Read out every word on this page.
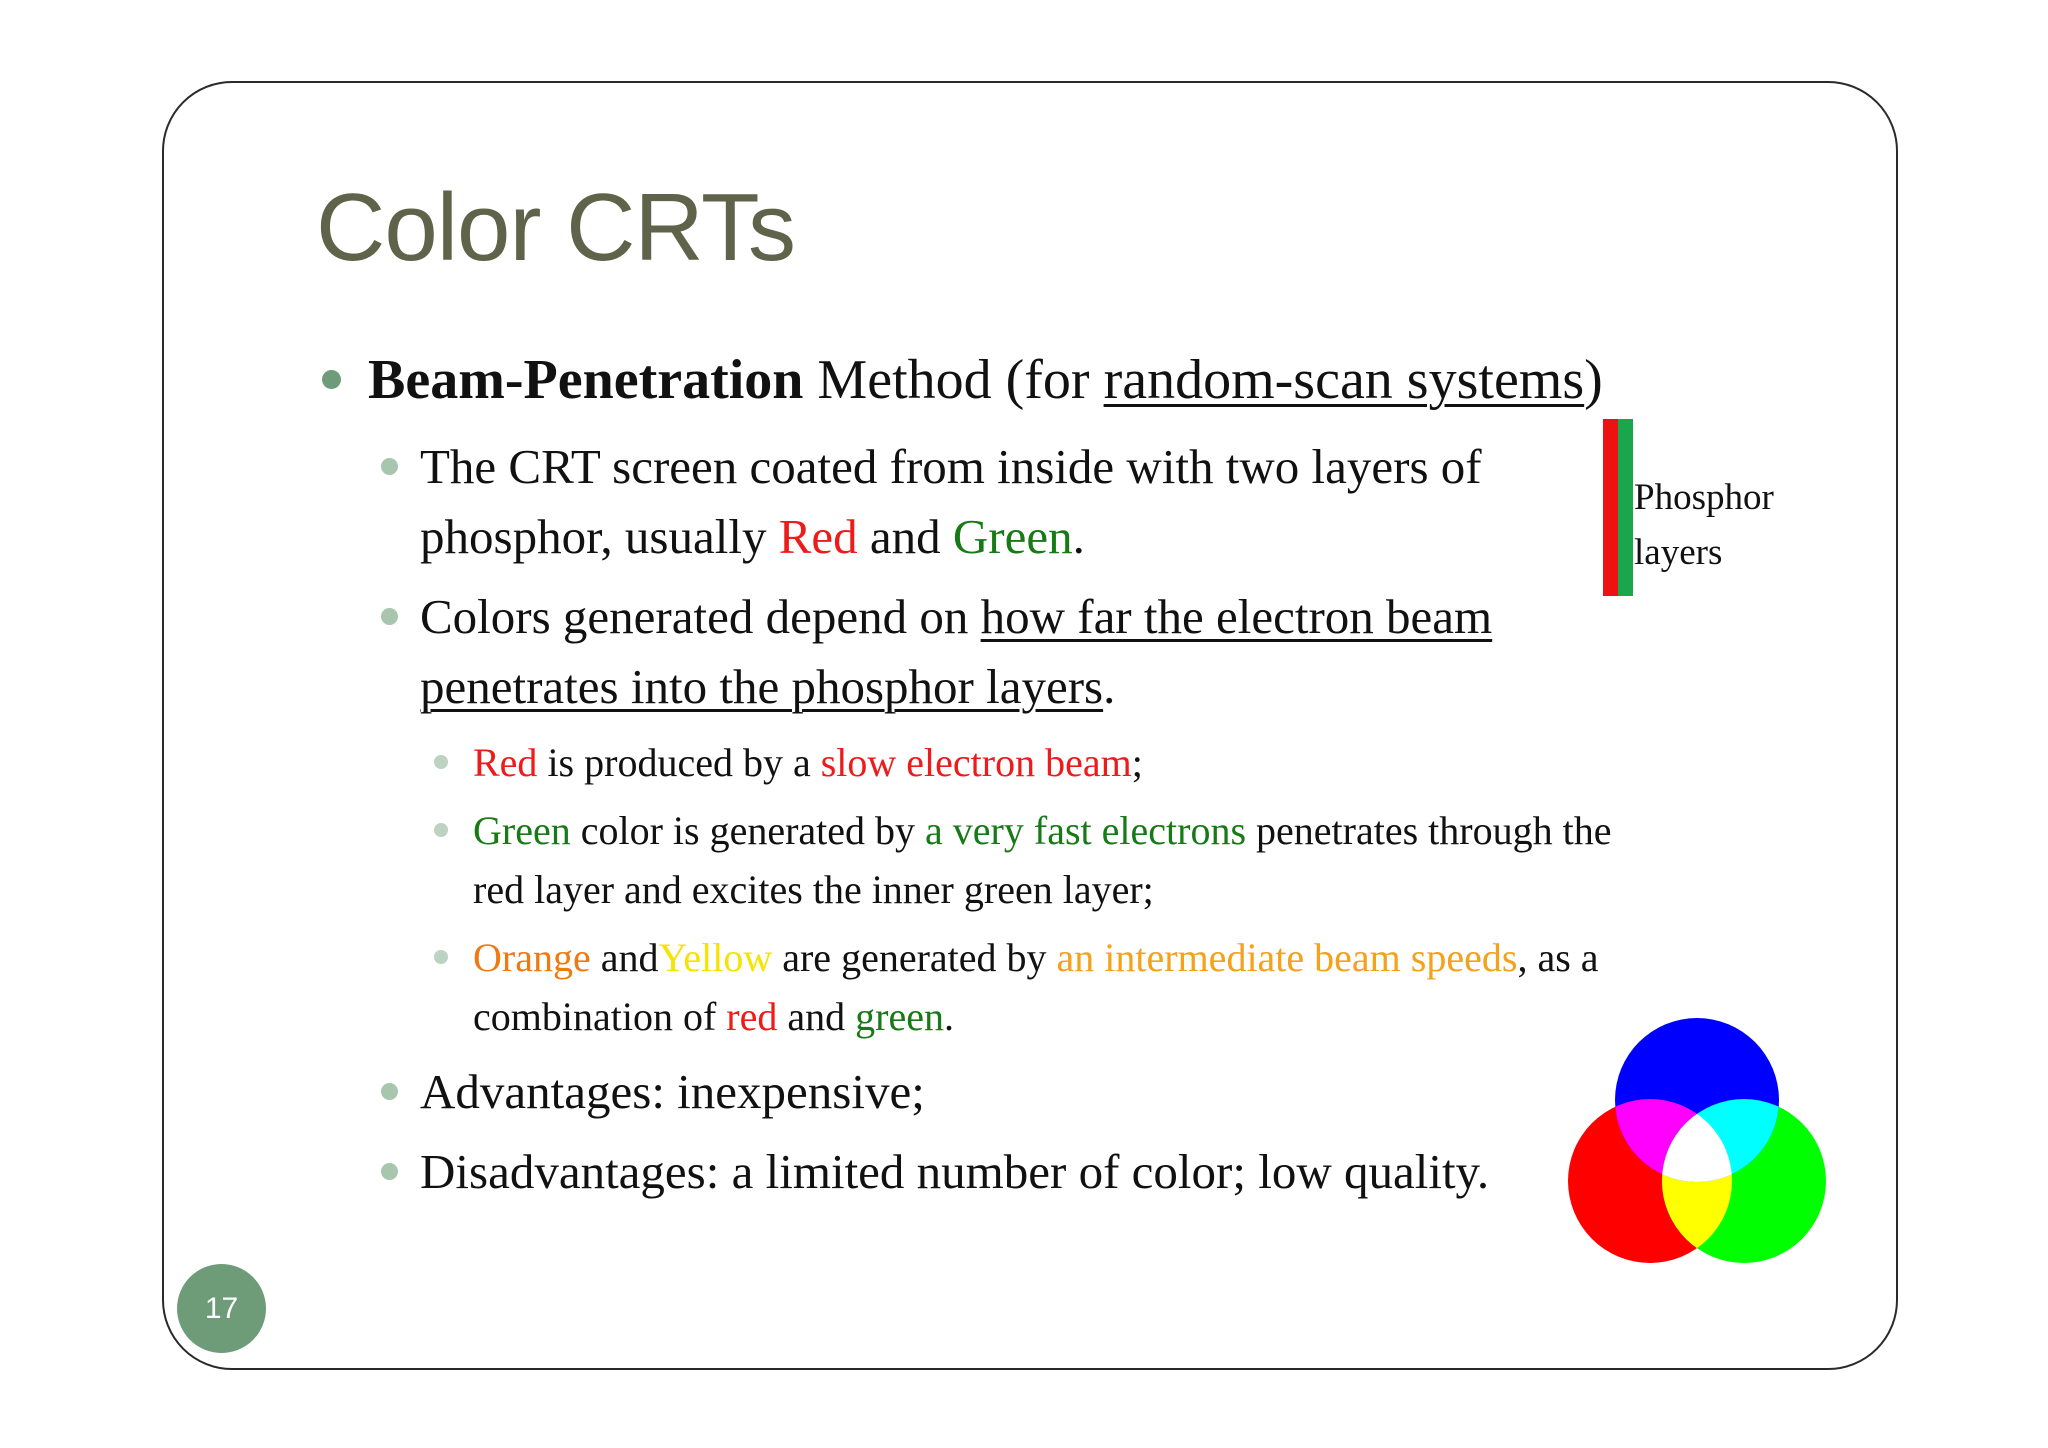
Color CRTs
Beam-Penetration Method (for random-scan systems)
The CRT screen coated from inside with two layers of
phosphor, usually Red and Green.
Colors generated depend on how far the electron beam
penetrates into the phosphor layers.
Red is produced by a slow electron beam;
Green color is generated by a very fast electrons penetrates through the
red layer and excites the inner green layer;
Orange andYellow are generated by an intermediate beam speeds, as a
combination of red and green.
Advantages: inexpensive;
Disadvantages: a limited number of color; low quality.
Phosphor
layers
17
